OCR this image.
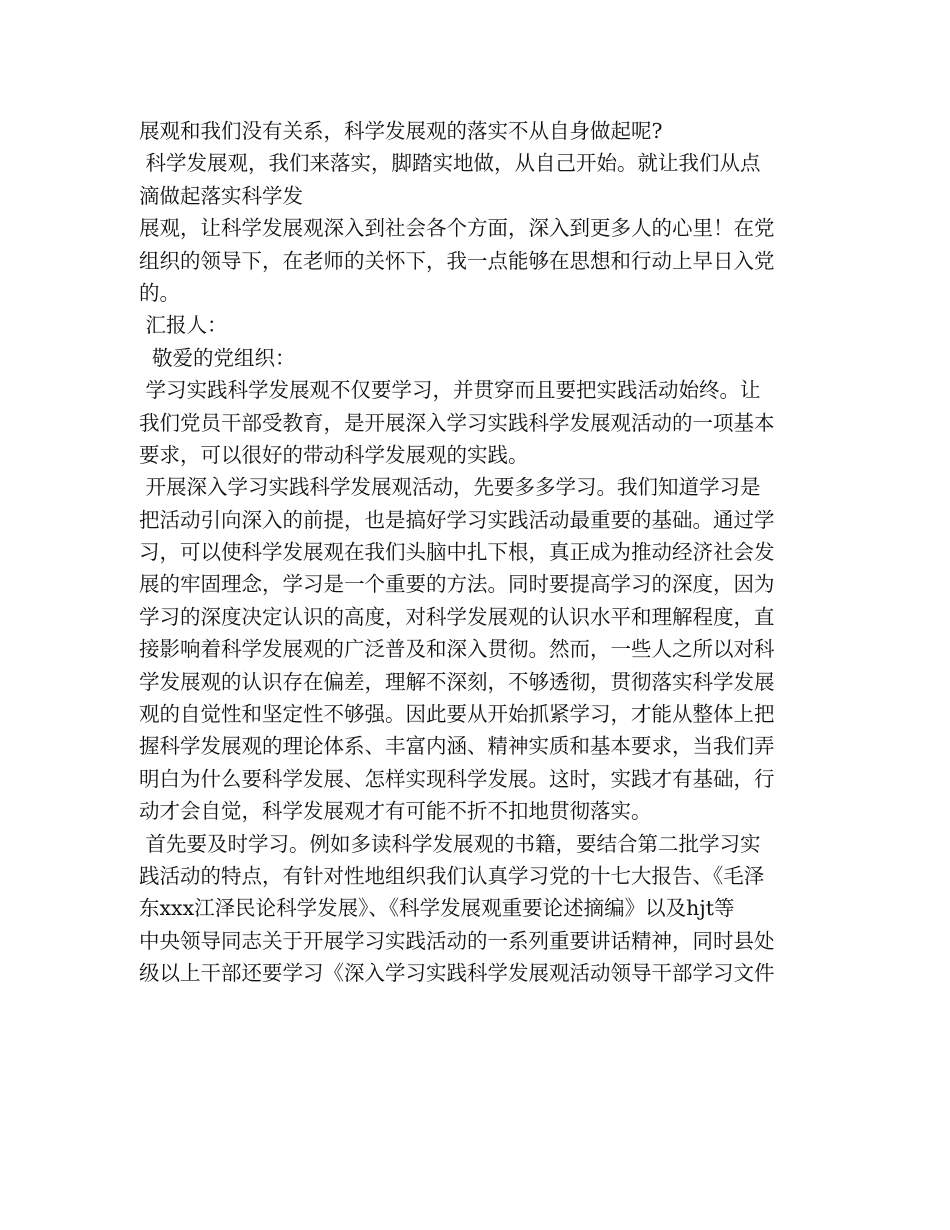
展观和我们没有关系，科学发展观的落实不从自身做起呢?
科学发展观，我们来落实，脚踏实地做，从自己开始。就让我们从点
滴做起落实科学发
展观，让科学发展观深入到社会各个方面，深入到更多人的心里！在党
组织的领导下，在老师的关怀下，我一点能够在思想和行动上早日入党
的。
汇报人：
敬爱的党组织：
学习实践科学发展观不仅要学习，并贯穿而且要把实践活动始终。让
我们党员干部受教育，是开展深入学习实践科学发展观活动的一项基本
要求，可以很好的带动科学发展观的实践。
开展深入学习实践科学发展观活动，先要多多学习。我们知道学习是
把活动引向深入的前提，也是搞好学习实践活动最重要的基础。通过学
习，可以使科学发展观在我们头脑中扎下根，真正成为推动经济社会发
展的牢固理念，学习是一个重要的方法。同时要提高学习的深度，因为
学习的深度决定认识的高度，对科学发展观的认识水平和理解程度，直
接影响着科学发展观的广泛普及和深入贯彻。然而，一些人之所以对科
学发展观的认识存在偏差，理解不深刻，不够透彻，贯彻落实科学发展
观的自觉性和坚定性不够强。因此要从开始抓紧学习，才能从整体上把
握科学发展观的理论体系、丰富内涵、精神实质和基本要求，当我们弄
明白为什么要科学发展、怎样实现科学发展。这时，实践才有基础，行
动才会自觉，科学发展观才有可能不折不扣地贯彻落实。
首先要及时学习。例如多读科学发展观的书籍，要结合第二批学习实
践活动的特点，有针对性地组织我们认真学习党的十七大报告、《毛泽
东xxx江泽民论科学发展》、《科学发展观重要论述摘编》以及hjt等
中央领导同志关于开展学习实践活动的一系列重要讲话精神，同时县处
级以上干部还要学习《深入学习实践科学发展观活动领导干部学习文件
